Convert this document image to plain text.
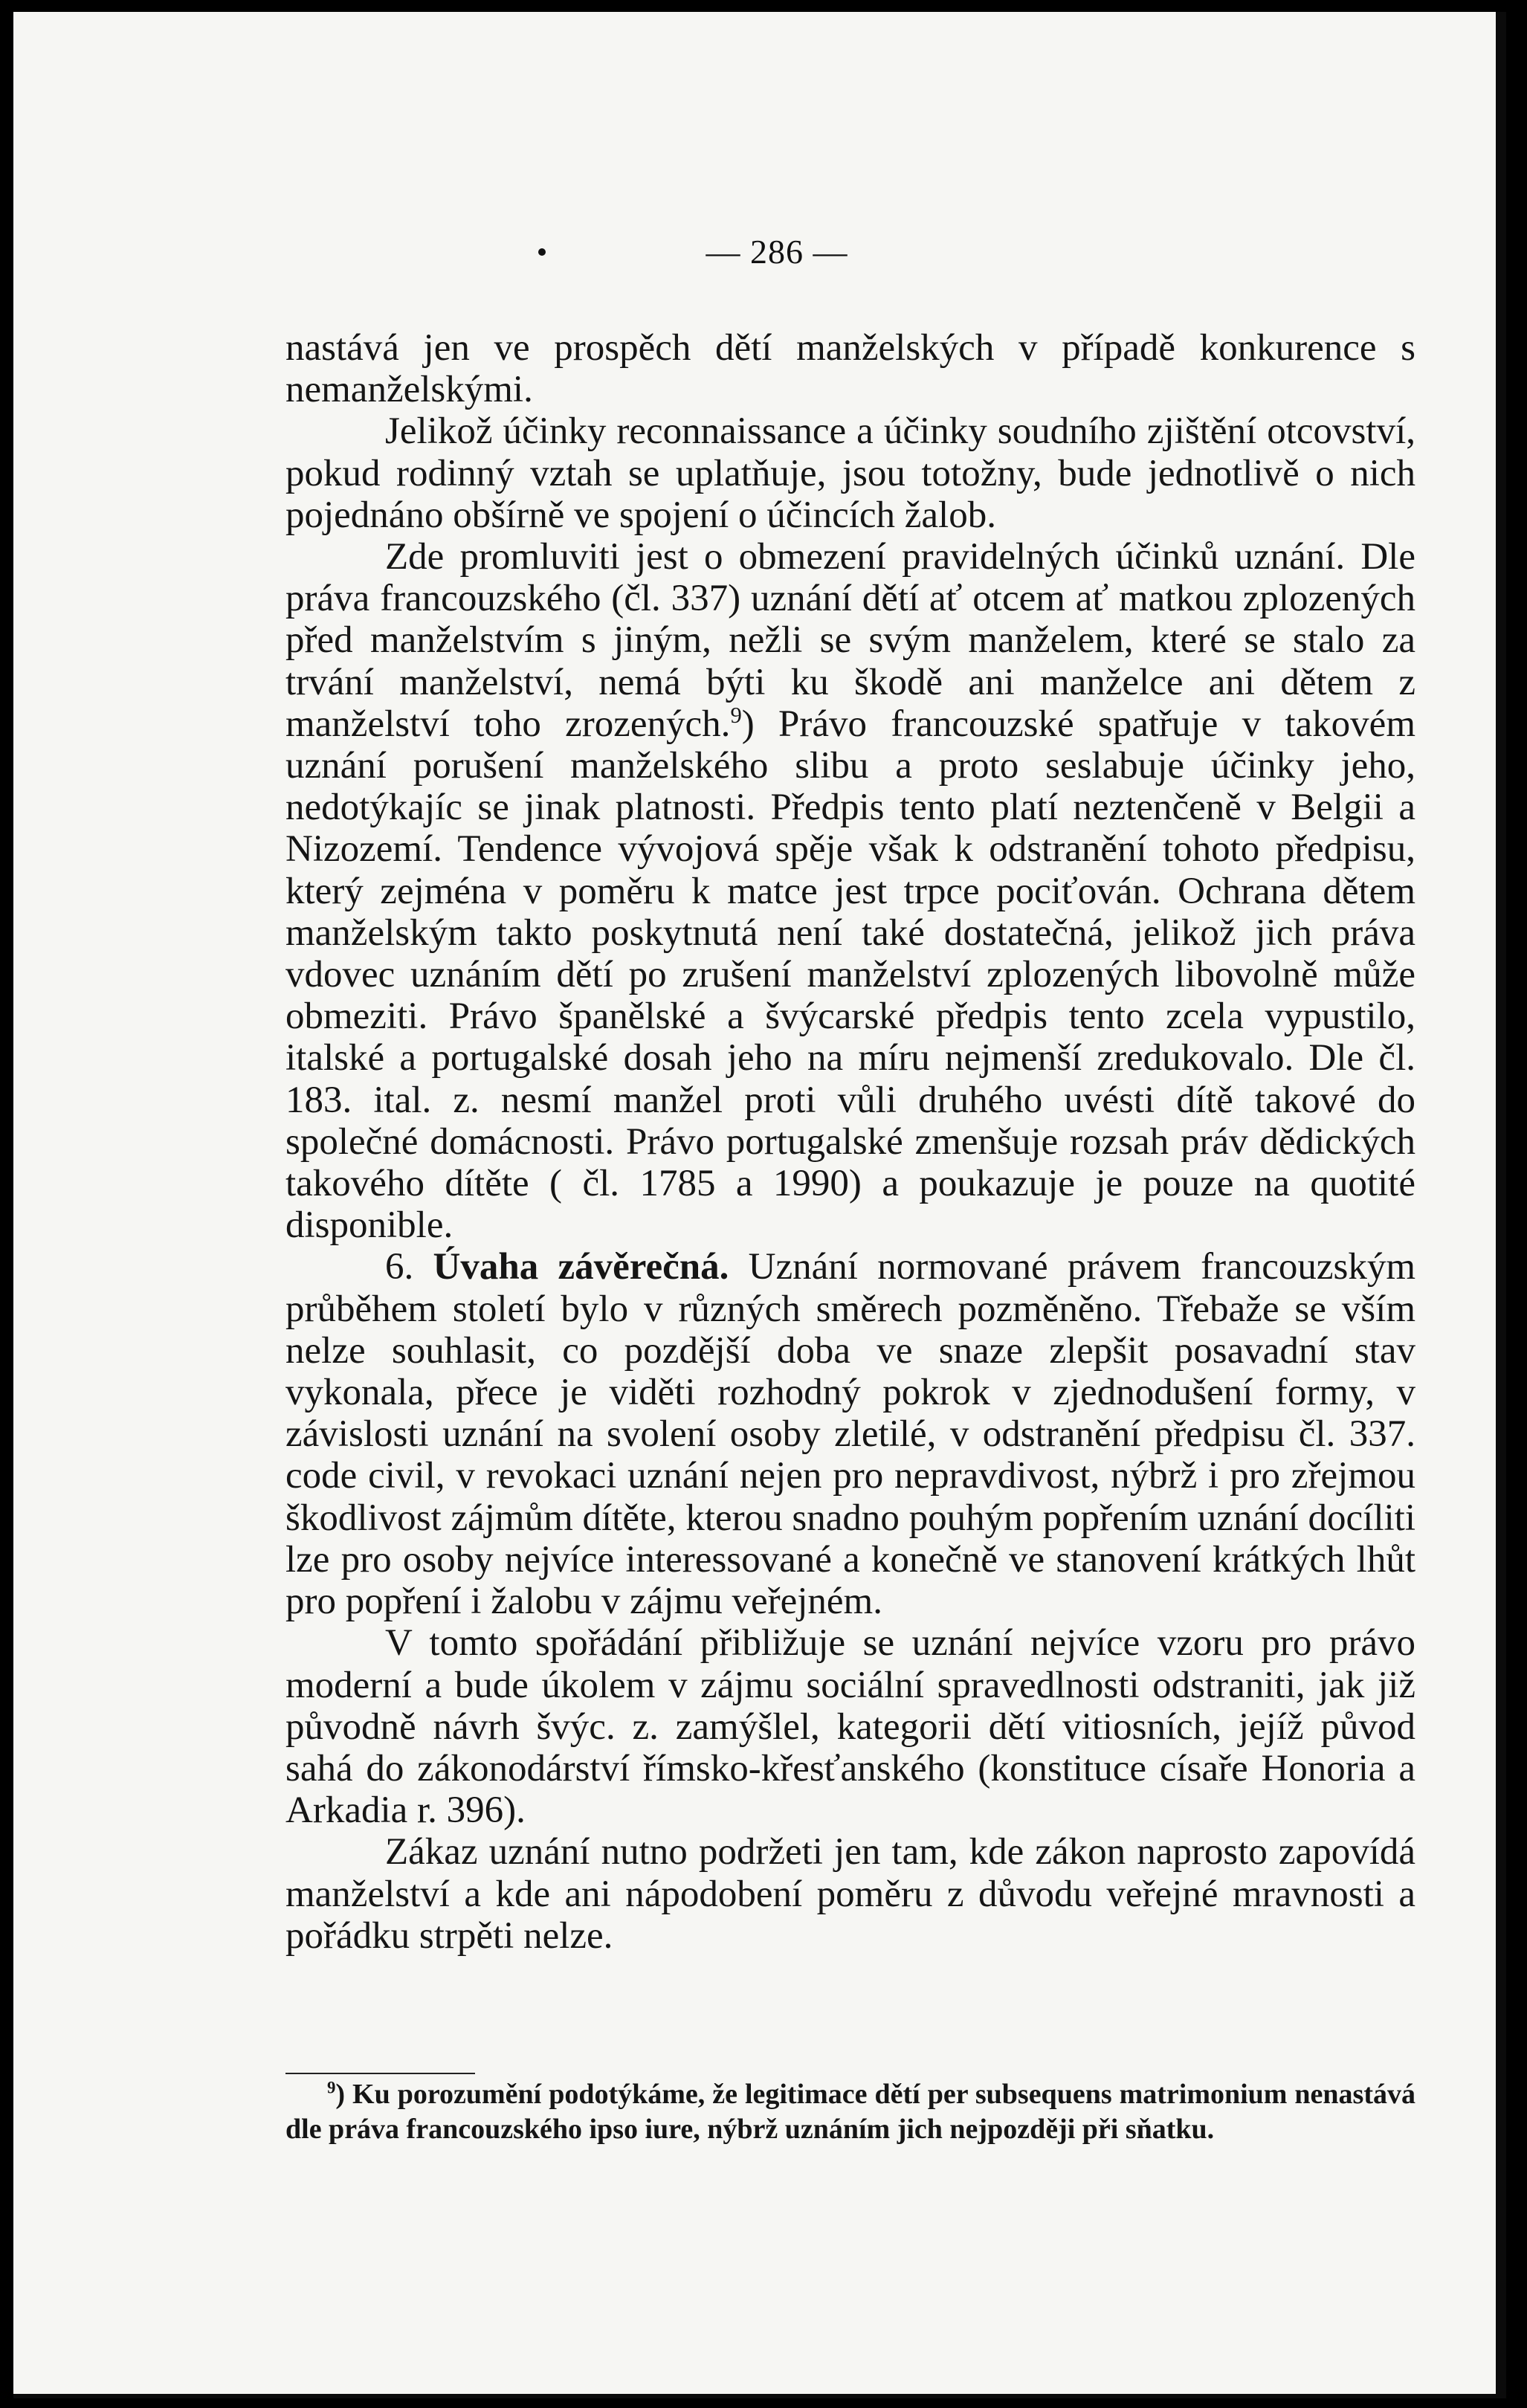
— 286 —

nastává jen ve prospěch dětí manželských v případě konkurence s nemanželskými.

Jelikož účinky reconnaissance a účinky soudního zjištění otcovství, pokud rodinný vztah se uplatňuje, jsou totožny, bude jednotlivě o nich pojednáno obšírně ve spojení o účincích žalob.

Zde promluviti jest o obmezení pravidelných účinků uznání. Dle práva francouzského (čl. 337) uznání dětí ať otcem ať matkou zplozených před manželstvím s jiným, nežli se svým manželem, které se stalo za trvání manželství, nemá býti ku škodě ani manželce ani dětem z manželství toho zrozených.$^9$) Právo francouzské spatřuje v takovém uznání porušení manželského slibu a proto seslabuje účinky jeho, nedotýkajíc se jinak platnosti. Předpis tento platí neztenčeně v Belgii a Nizozemí. Tendence vývojová spěje však k odstranění tohoto předpisu, který zejména v poměru k matce jest trpce pociťován. Ochrana dětem manželským takto poskytnutá není také dostatečná, jelikož jich práva vdovec uznáním dětí po zrušení manželství zplozených libovolně může obmeziti. Právo španělské a švýcarské předpis tento zcela vypustilo, italské a portugalské dosah jeho na míru nejmenší zredukovalo. Dle čl. 183. ital. z. nesmí manžel proti vůli druhého uvésti dítě takové do společné domácnosti. Právo portugalské zmenšuje rozsah práv dědických takového dítěte ( čl. 1785 a 1990) a poukazuje je pouze na quotité disponible.

6. Úvaha závěrečná. Uznání normované právem francouzským průběhem století bylo v různých směrech pozměněno. Třebaže se vším nelze souhlasit, co pozdější doba ve snaze zlepšit posavadní stav vykonala, přece je viděti rozhodný pokrok v zjednodušení formy, v závislosti uznání na svolení osoby zletilé, v odstranění předpisu čl. 337. code civil, v revokaci uznání nejen pro nepravdivost, nýbrž i pro zřejmou škodlivost zájmům dítěte, kterou snadno pouhým popřením uznání docíliti lze pro osoby nejvíce interessované a konečně ve stanovení krátkých lhůt pro popření i žalobu v zájmu veřejném.

V tomto spořádání přibližuje se uznání nejvíce vzoru pro právo moderní a bude úkolem v zájmu sociální spravedlnosti odstraniti, jak již původně návrh švýc. z. zamýšlel, kategorii dětí vitiosních, jejíž původ sahá do zákonodárství římsko-křesťanského (konstituce císaře Honoria a Arkadia r. 396).

Zákaz uznání nutno podržeti jen tam, kde zákon naprosto zapovídá manželství a kde ani nápodobení poměru z důvodu veřejné mravnosti a pořádku strpěti nelze.

$^9$) Ku porozumění podotýkáme, že legitimace dětí per subsequens matrimonium nenastává dle práva francouzského ipso iure, nýbrž uznáním jich nejpozději při sňatku.
